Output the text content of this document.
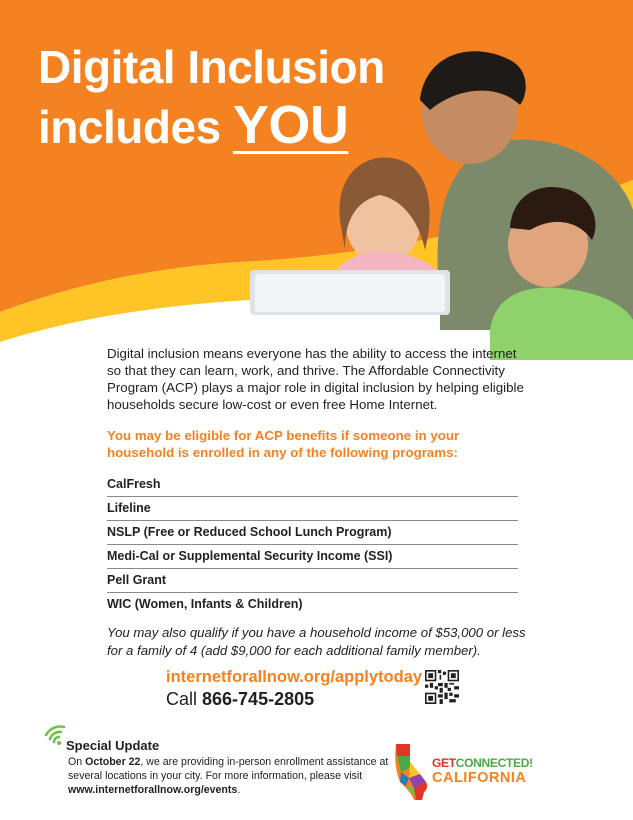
Digital Inclusion
includes YOU

Digital inclusion means everyone has the ability to access the internet so that they can learn, work, and thrive. The Affordable Connectivity Program (ACP) plays a major role in digital inclusion by helping eligible households secure low-cost or even free Home Internet.

You may be eligible for ACP benefits if someone in your household is enrolled in any of the following programs:

CalFresh
Lifeline
NSLP (Free or Reduced School Lunch Program)
Medi-Cal or Supplemental Security Income (SSI)
Pell Grant
WIC (Women, Infants & Children)

You may also qualify if you have a household income of $53,000 or less for a family of 4 (add $9,000 for each additional family member).

internetforallnow.org/applytoday
Call 866-745-2805
Special Update
On October 22, we are providing in-person enrollment assistance at several locations in your city. For more information, please visit www.internetforallnow.org/events.
GETCONNECTED!
CALIFORNIA
